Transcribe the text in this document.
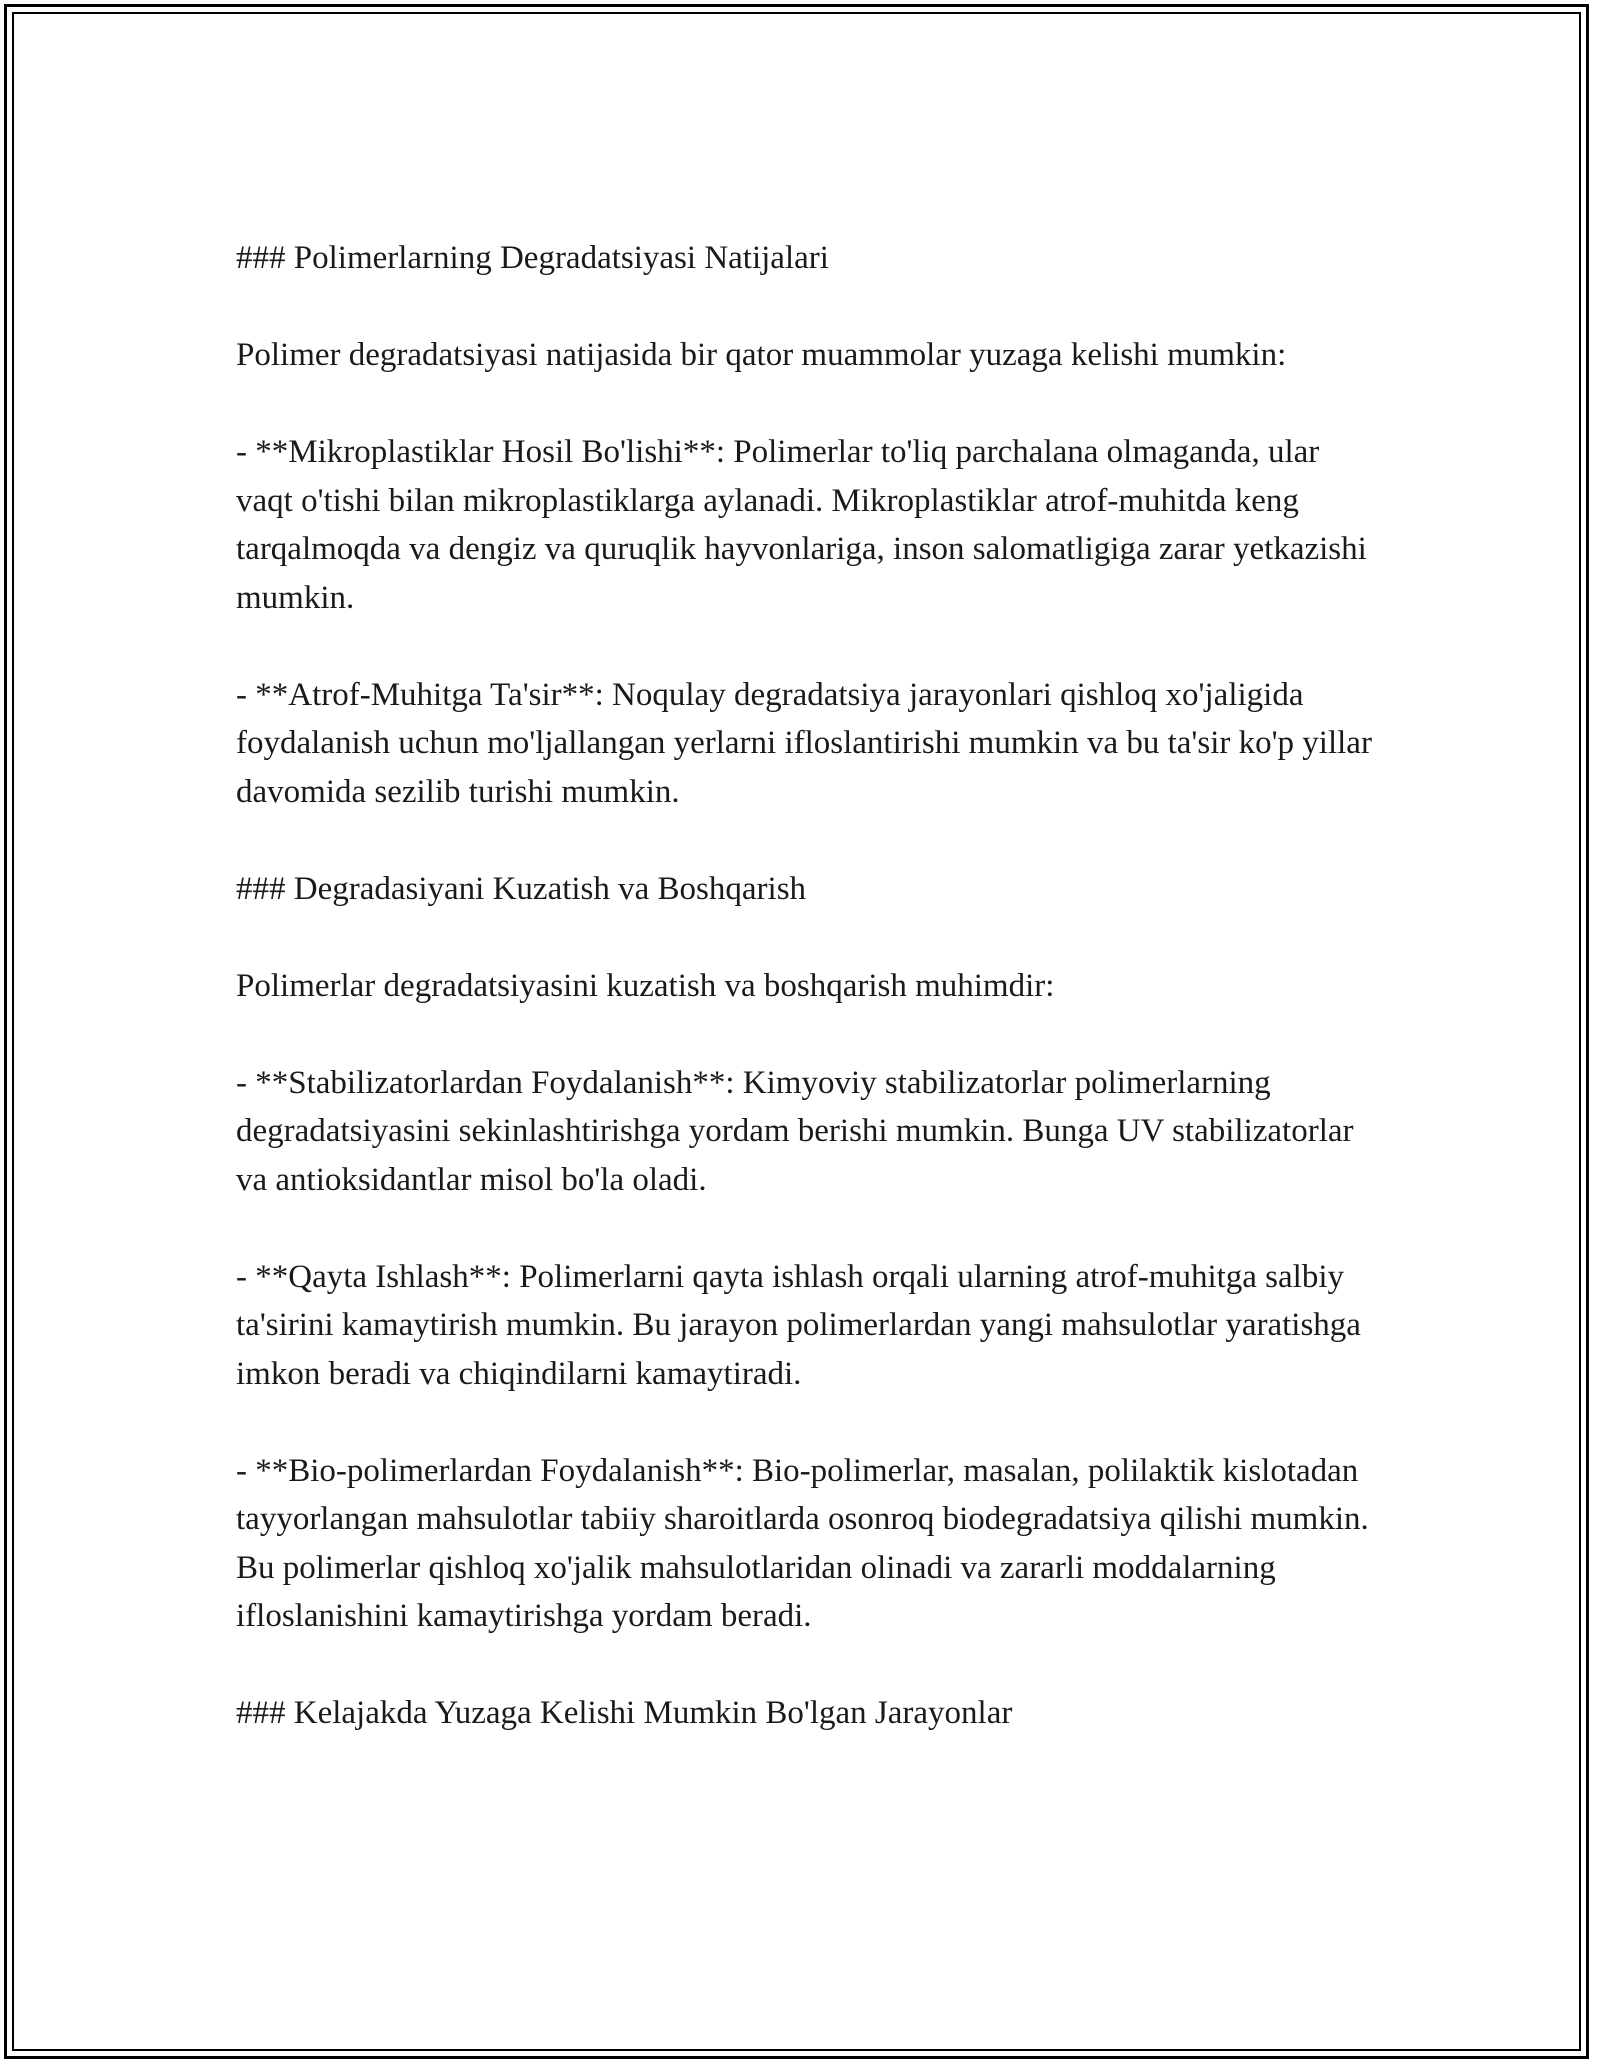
### Polimerlarning Degradatsiyasi Natijalari

Polimer degradatsiyasi natijasida bir qator muammolar yuzaga kelishi mumkin:

- **Mikroplastiklar Hosil Bo'lishi**: Polimerlar to'liq parchalana olmaganda, ular vaqt o'tishi bilan mikroplastiklarga aylanadi. Mikroplastiklar atrof-muhitda keng tarqalmoqda va dengiz va quruqlik hayvonlariga, inson salomatligiga zarar yetkazishi mumkin.

- **Atrof-Muhitga Ta'sir**: Noqulay degradatsiya jarayonlari qishloq xo'jaligida foydalanish uchun mo'ljallangan yerlarni ifloslantirishi mumkin va bu ta'sir ko'p yillar davomida sezilib turishi mumkin.

### Degradasiyani Kuzatish va Boshqarish

Polimerlar degradatsiyasini kuzatish va boshqarish muhimdir:

- **Stabilizatorlardan Foydalanish**: Kimyoviy stabilizatorlar polimerlarning degradatsiyasini sekinlashtirishga yordam berishi mumkin. Bunga UV stabilizatorlar va antioksidantlar misol bo'la oladi.

- **Qayta Ishlash**: Polimerlarni qayta ishlash orqali ularning atrof-muhitga salbiy ta'sirini kamaytirish mumkin. Bu jarayon polimerlardan yangi mahsulotlar yaratishga imkon beradi va chiqindilarni kamaytiradi.

- **Bio-polimerlardan Foydalanish**: Bio-polimerlar, masalan, polilaktik kislotadan tayyorlangan mahsulotlar tabiiy sharoitlarda osonroq biodegradatsiya qilishi mumkin. Bu polimerlar qishloq xo'jalik mahsulotlaridan olinadi va zararli moddalarning ifloslanishini kamaytirishga yordam beradi.

### Kelajakda Yuzaga Kelishi Mumkin Bo'lgan Jarayonlar
